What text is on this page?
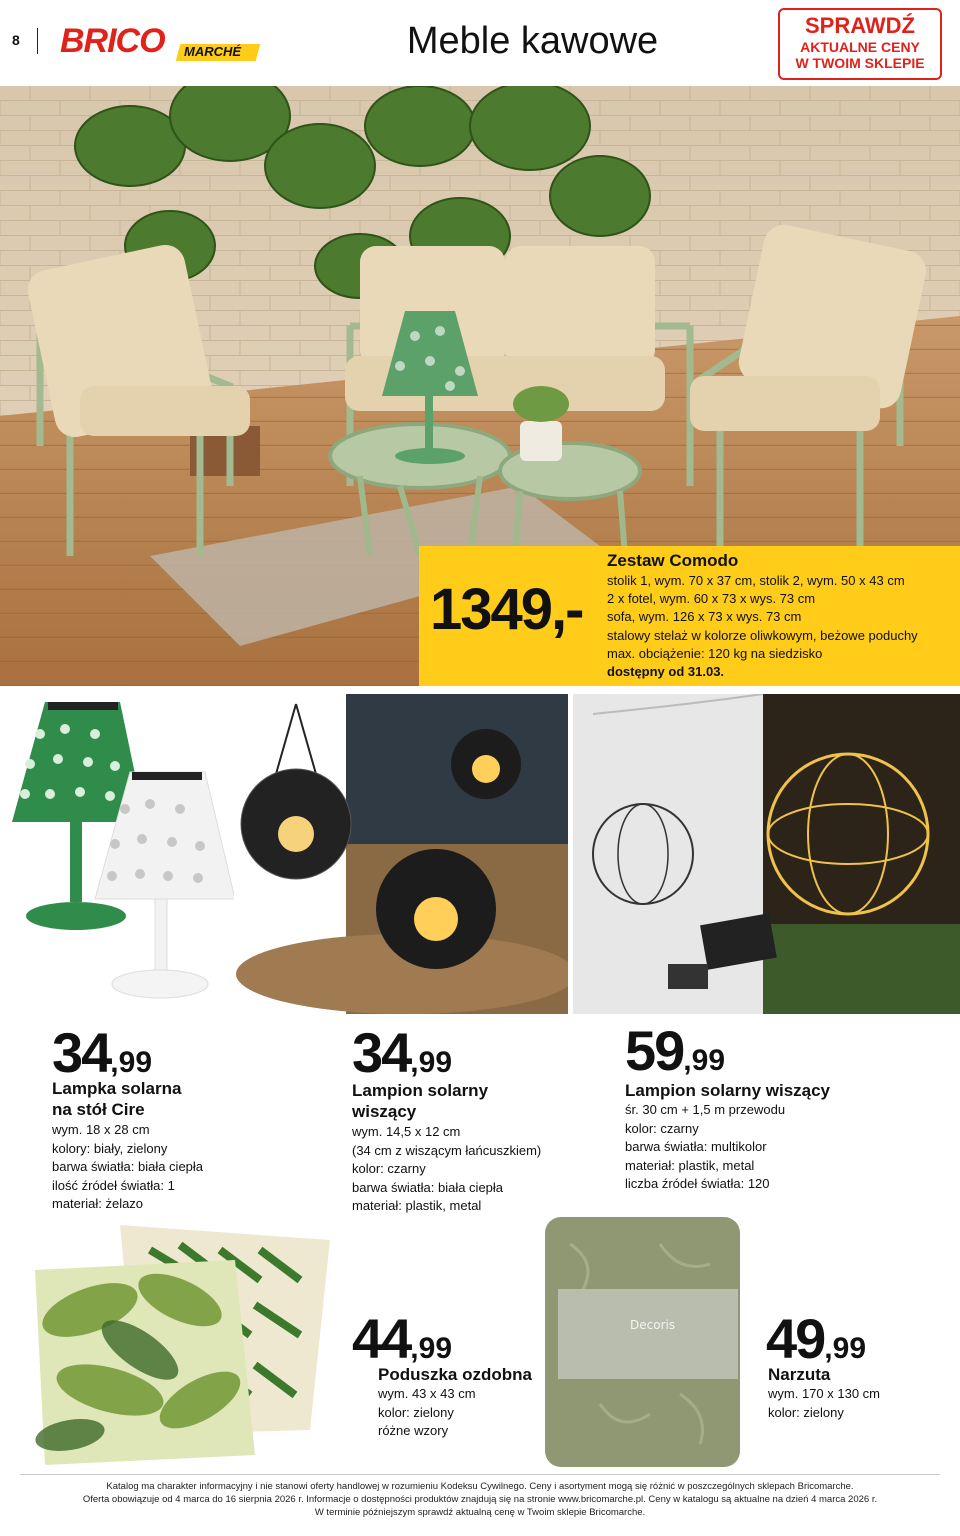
8 BRICO MARCHÉ	Meble kawowe	SPRAWDŹ
AKTUALNE CENY
W TWOIM SKLEPIE
1349,-
Zestaw Comodo
stolik 1, wym. 70 x 37 cm, stolik 2, wym. 50 x 43 cm
2 x fotel, wym. 60 x 73 x wys. 73 cm
sofa, wym. 126 x 73 x wys. 73 cm
stalowy stelaż w kolorze oliwkowym, beżowe poduchy
max. obciążenie: 120 kg na siedzisko
dostępny od 31.03.
34,99
Lampka solarna
na stół Cire
wym. 18 x 28 cm
kolory: biały, zielony
barwa światła: biała ciepła
ilość źródeł światła: 1
materiał: żelazo
34,99
Lampion solarny
wiszący
wym. 14,5 x 12 cm
(34 cm z wiszącym łańcuszkiem)
kolor: czarny
barwa światła: biała ciepła
materiał: plastik, metal
59,99
Lampion solarny wiszący
śr. 30 cm + 1,5 m przewodu
kolor: czarny
barwa światła: multikolor
materiał: plastik, metal
liczba źródeł światła: 120
Decoris
44,99
Poduszka ozdobna
wym. 43 x 43 cm
kolor: zielony
różne wzory
49,99
Narzuta
wym. 170 x 130 cm
kolor: zielony
Katalog ma charakter informacyjny i nie stanowi oferty handlowej w rozumieniu Kodeksu Cywilnego. Ceny i asortyment mogą się różnić w poszczególnych sklepach Bricomarche.
Oferta obowiązuje od 4 marca do 16 sierpnia 2026 r. Informacje o dostępności produktów znajdują się na stronie www.bricomarche.pl. Ceny w katalogu są aktualne na dzień 4 marca 2026 r.
W terminie późniejszym sprawdź aktualną cenę w Twoim sklepie Bricomarche.
